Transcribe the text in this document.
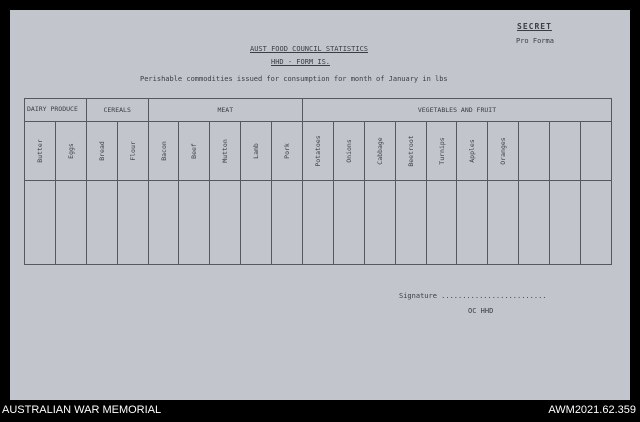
SECRET
Pro Forma
AUST FOOD COUNCIL STATISTICS
HHD - FORM IS.
Perishable commodities issued for consumption for month of January in lbs
DAIRY PRODUCE		CEREALS		MEAT					VEGETABLES AND FRUIT									

Butter	Eggs	Bread	Flour	Bacon	Beef	Mutton	Lamb	Pork	Potatoes	Onions	Cabbage	Beetroot	Turnips	Apples	Oranges			

Signature .........................
OC HHD
AUSTRALIAN WAR MEMORIAL	AWM2021.62.359
